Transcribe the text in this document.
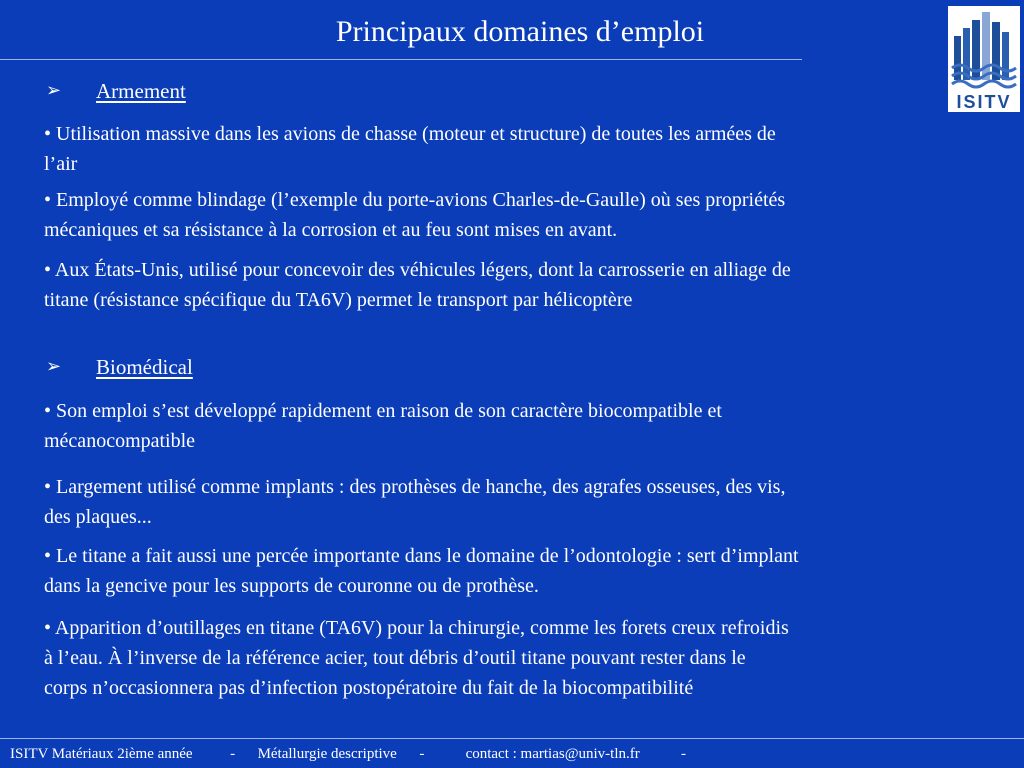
Principaux domaines d’emploi
ISITV
➢	Armement
• Utilisation massive dans les avions de chasse (moteur et structure) de toutes les armées de
l’air
• Employé comme blindage (l’exemple du porte-avions Charles-de-Gaulle) où ses propriétés
mécaniques et sa résistance à la corrosion et au feu sont mises en avant.
• Aux États-Unis, utilisé pour concevoir des véhicules légers, dont la carrosserie en alliage de
titane (résistance spécifique du TA6V) permet le transport par hélicoptère
➢	Biomédical
• Son emploi s’est développé rapidement en raison de son caractère biocompatible et
mécanocompatible
• Largement utilisé comme implants : des prothèses de hanche, des agrafes osseuses, des vis,
des plaques...
• Le titane a fait aussi une percée importante dans le domaine de l’odontologie : sert d’implant
dans la gencive pour les supports de couronne ou de prothèse.
• Apparition d’outillages en titane (TA6V) pour la chirurgie, comme les forets creux refroidis
à l’eau. À l’inverse de la référence acier, tout débris d’outil titane pouvant rester dans le
corps n’occasionnera pas d’infection postopératoire du fait de la biocompatibilité
ISITV Matériaux 2ième année          -      Métallurgie descriptive      -           contact : martias@univ-tln.fr           -
